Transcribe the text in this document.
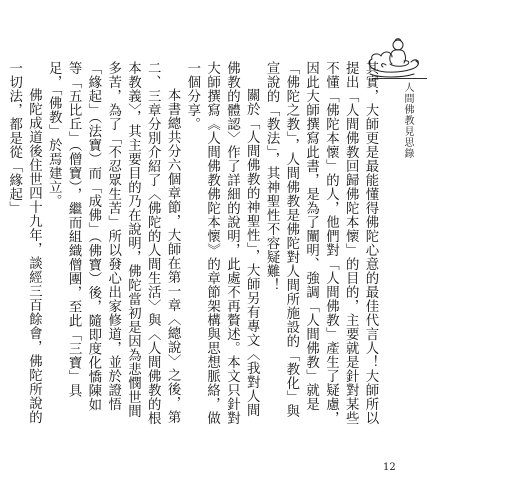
人間佛教見思錄

其實，大師更是最能懂得佛陀心意的最佳代言人！大師所以提出「人間佛教回歸佛陀本懷」的目的，主要就是針對某些不懂「佛陀本懷」的人，他們對「人間佛教」產生了疑慮，因此大師撰寫此書，是為了闡明、強調「人間佛教」就是「佛陀之教」，人間佛教是佛陀對人間所施設的「教化」與宣說的「教法」，其神聖性不容疑難！

關於「人間佛教的神聖性」，大師另有專文〈我對人間佛教的體認〉作了詳細的說明，此處不再贅述。本文只針對大師撰寫《人間佛教佛陀本懷》的章節架構與思想脈絡，做一個分享。

本書總共分六個章節，大師在第一章〈總說〉之後，第二、三章分別介紹了〈佛陀的人間生活〉與〈人間佛教的根本教義〉，其主要目的乃在說明，佛陀當初是因為悲憫世間多苦，為了「不忍眾生苦」所以發心出家修道，並於證悟「緣起」（法寶）而「成佛」（佛寶）後，隨即度化憍陳如等「五比丘」（僧寶），繼而組織僧團，至此「三寶」具足，「佛教」於焉建立。

佛陀成道後住世四十九年，談經三百餘會，佛陀所說的一切法，都是從「緣起」

12
